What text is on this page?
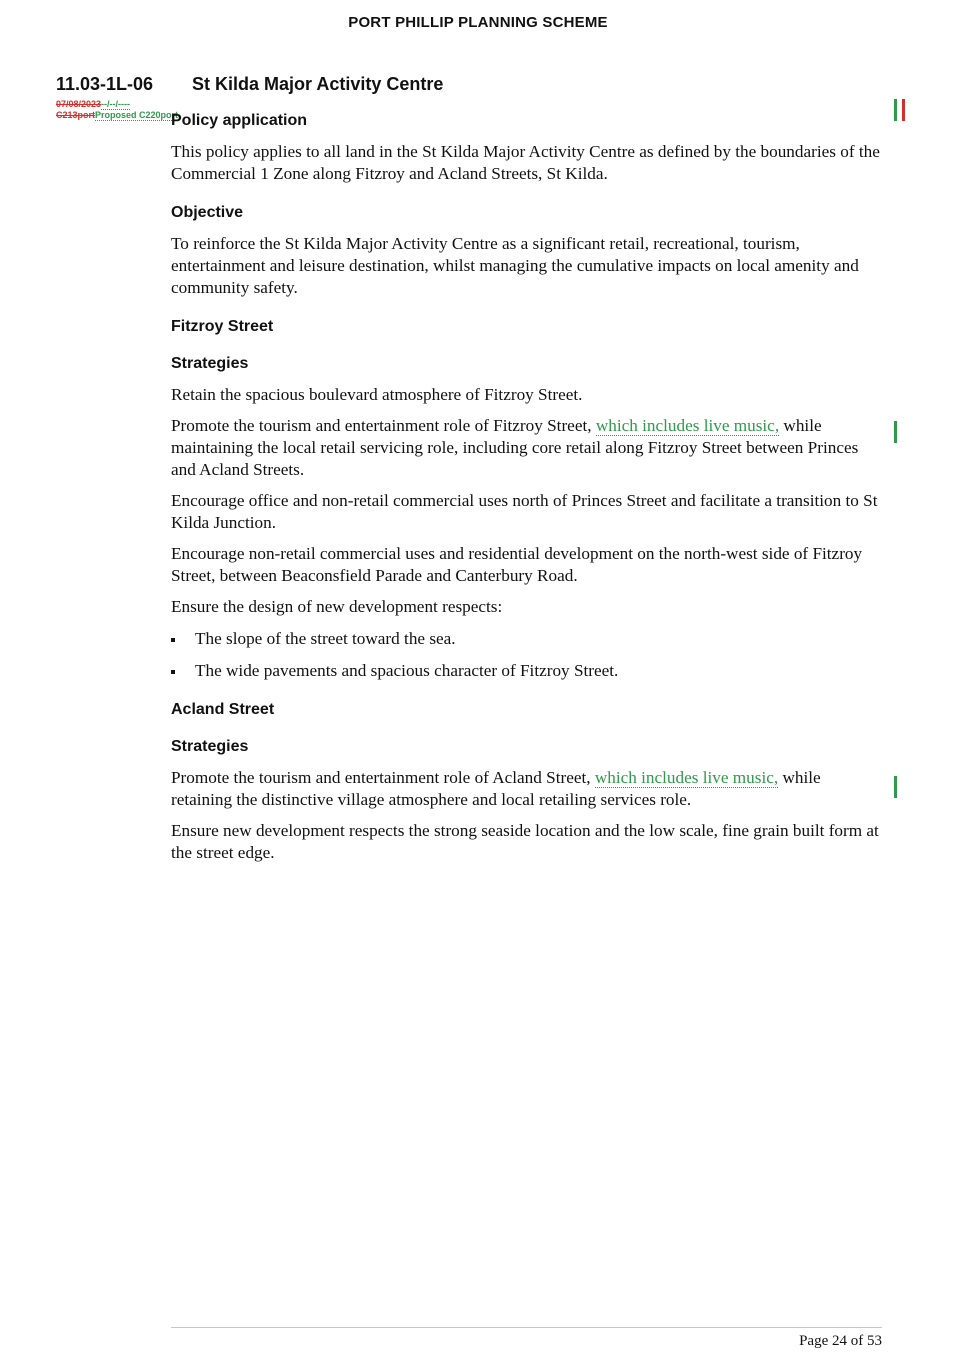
PORT PHILLIP PLANNING SCHEME
11.03-1L-06 St Kilda Major Activity Centre
07/08/2023--/--/----
C213portProposed C220port
Policy application

This policy applies to all land in the St Kilda Major Activity Centre as defined by the boundaries of the Commercial 1 Zone along Fitzroy and Acland Streets, St Kilda.

Objective

To reinforce the St Kilda Major Activity Centre as a significant retail, recreational, tourism, entertainment and leisure destination, whilst managing the cumulative impacts on local amenity and community safety.

Fitzroy Street
Strategies

Retain the spacious boulevard atmosphere of Fitzroy Street.

Promote the tourism and entertainment role of Fitzroy Street, which includes live music, while maintaining the local retail servicing role, including core retail along Fitzroy Street between Princes and Acland Streets.

Encourage office and non-retail commercial uses north of Princes Street and facilitate a transition to St Kilda Junction.

Encourage non-retail commercial uses and residential development on the north-west side of Fitzroy Street, between Beaconsfield Parade and Canterbury Road.

Ensure the design of new development respects:

The slope of the street toward the sea.
The wide pavements and spacious character of Fitzroy Street.
Acland Street
Strategies

Promote the tourism and entertainment role of Acland Street, which includes live music, while retaining the distinctive village atmosphere and local retailing services role.

Ensure new development respects the strong seaside location and the low scale, fine grain built form at the street edge.

Page 24 of 53
